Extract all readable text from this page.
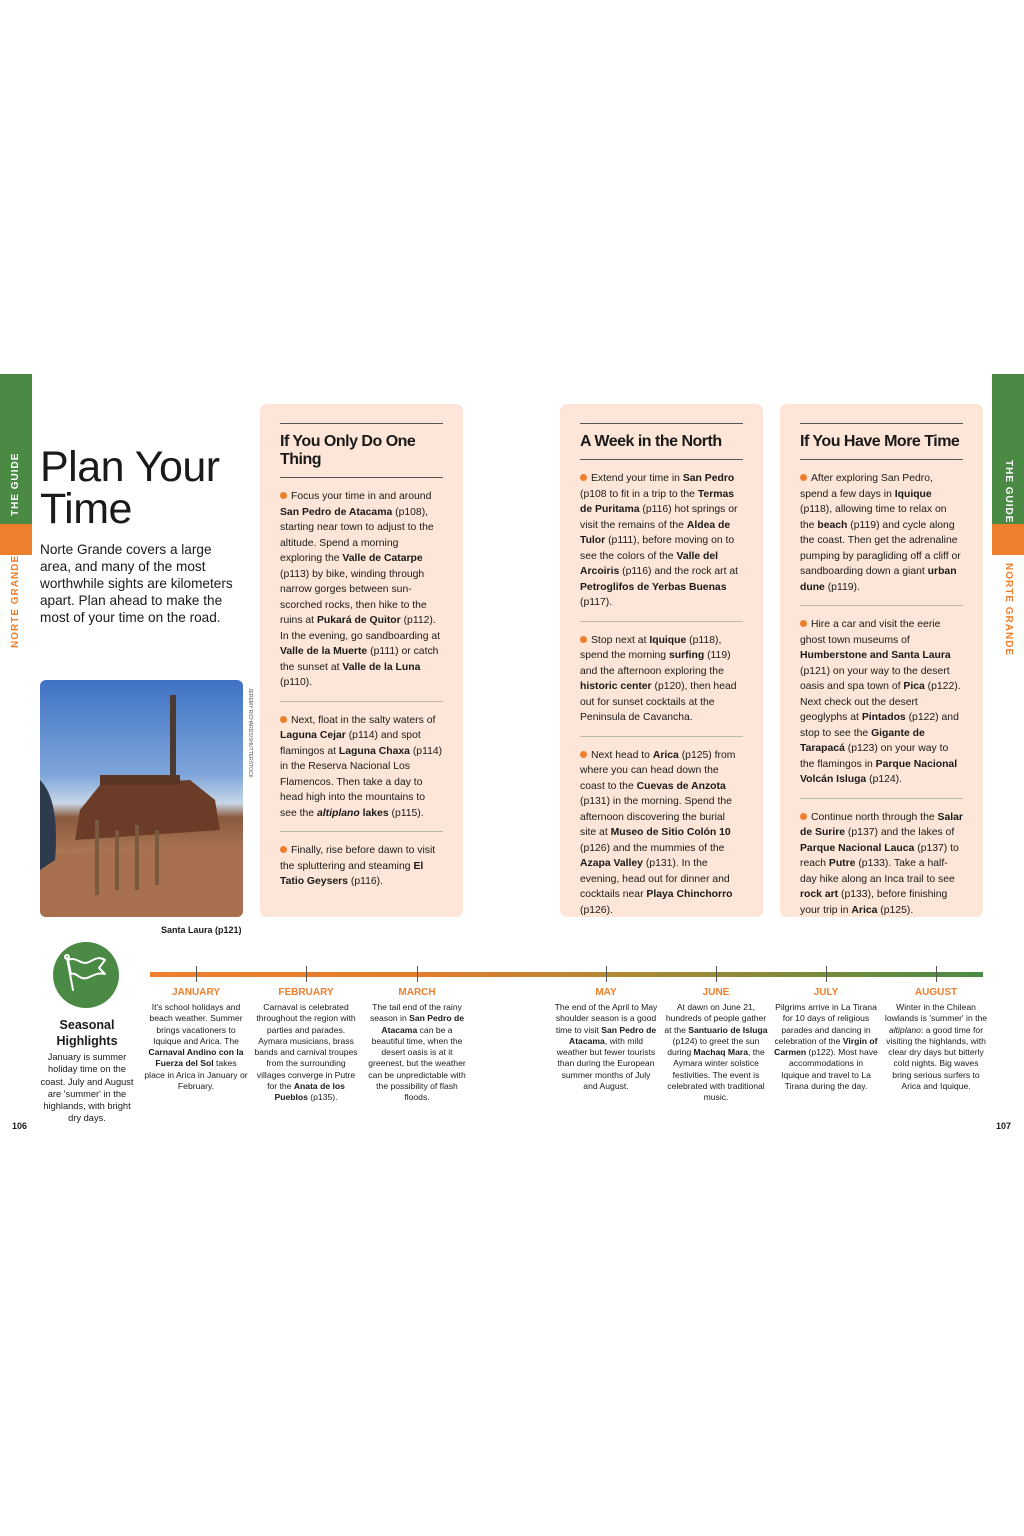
THE GUIDE
NORTE GRANDE
THE GUIDE
NORTE GRANDE
Plan Your Time
Norte Grande covers a large area, and many of the most worthwhile sights are kilometers apart. Plan ahead to make the most of your time on the road.
JEREMY RICHARDS/SHUTTERSTOCK
Santa Laura (p121)
If You Only Do One Thing
Focus your time in and around San Pedro de Atacama (p108), starting near town to adjust to the altitude. Spend a morning exploring the Valle de Catarpe (p113) by bike, winding through narrow gorges between sun-scorched rocks, then hike to the ruins at Pukará de Quitor (p112). In the evening, go sandboarding at Valle de la Muerte (p111) or catch the sunset at Valle de la Luna (p110).
Next, float in the salty waters of Laguna Cejar (p114) and spot flamingos at Laguna Chaxa (p114) in the Reserva Nacional Los Flamencos. Then take a day to head high into the mountains to see the altiplano lakes (p115).
Finally, rise before dawn to visit the spluttering and steaming El Tatio Geysers (p116).
A Week in the North
Extend your time in San Pedro (p108 to fit in a trip to the Termas de Puritama (p116) hot springs or visit the remains of the Aldea de Tulor (p111), before moving on to see the colors of the Valle del Arcoiris (p116) and the rock art at Petroglifos de Yerbas Buenas (p117).
Stop next at Iquique (p118), spend the morning surfing (119) and the afternoon exploring the historic center (p120), then head out for sunset cocktails at the Peninsula de Cavancha.
Next head to Arica (p125) from where you can head down the coast to the Cuevas de Anzota (p131) in the morning. Spend the afternoon discovering the burial site at Museo de Sitio Colón 10 (p126) and the mummies of the Azapa Valley (p131). In the evening, head out for dinner and cocktails near Playa Chinchorro (p126).
If You Have More Time
After exploring San Pedro, spend a few days in Iquique (p118), allowing time to relax on the beach (p119) and cycle along the coast. Then get the adrenaline pumping by paragliding off a cliff or sandboarding down a giant urban dune (p119).
Hire a car and visit the eerie ghost town museums of Humberstone and Santa Laura (p121) on your way to the desert oasis and spa town of Pica (p122). Next check out the desert geoglyphs at Pintados (p122) and stop to see the Gigante de Tarapacá (p123) on your way to the flamingos in Parque Nacional Volcán Isluga (p124).
Continue north through the Salar de Surire (p137) and the lakes of Parque Nacional Lauca (p137) to reach Putre (p133). Take a half-day hike along an Inca trail to see rock art (p133), before finishing your trip in Arica (p125).
Seasonal Highlights
January is summer holiday time on the coast. July and August are 'summer' in the highlands, with bright dry days.
JANUARY

It's school holidays and beach weather. Summer brings vacationers to Iquique and Arica. The Carnaval Andino con la Fuerza del Sol takes place in Arica in January or February.

FEBRUARY

Carnaval is celebrated throughout the region with parties and parades. Aymara musicians, brass bands and carnival troupes from the surrounding villages converge in Putre for the Anata de los Pueblos (p135).

MARCH

The tail end of the rainy season in San Pedro de Atacama can be a beautiful time, when the desert oasis is at it greenest, but the weather can be unpredictable with the possibility of flash floods.

MAY

The end of the April to May shoulder season is a good time to visit San Pedro de Atacama, with mild weather but fewer tourists than during the European summer months of July and August.

JUNE

At dawn on June 21, hundreds of people gather at the Santuario de Isluga (p124) to greet the sun during Machaq Mara, the Aymara winter solstice festivities. The event is celebrated with traditional music.

JULY

Pilgrims arrive in La Tirana for 10 days of religious parades and dancing in celebration of the Virgin of Carmen (p122). Most have accommodations in Iquique and travel to La Tirana during the day.

AUGUST

Winter in the Chilean lowlands is 'summer' in the altiplano: a good time for visiting the highlands, with clear dry days but bitterly cold nights. Big waves bring serious surfers to Arica and Iquique.

106	107
